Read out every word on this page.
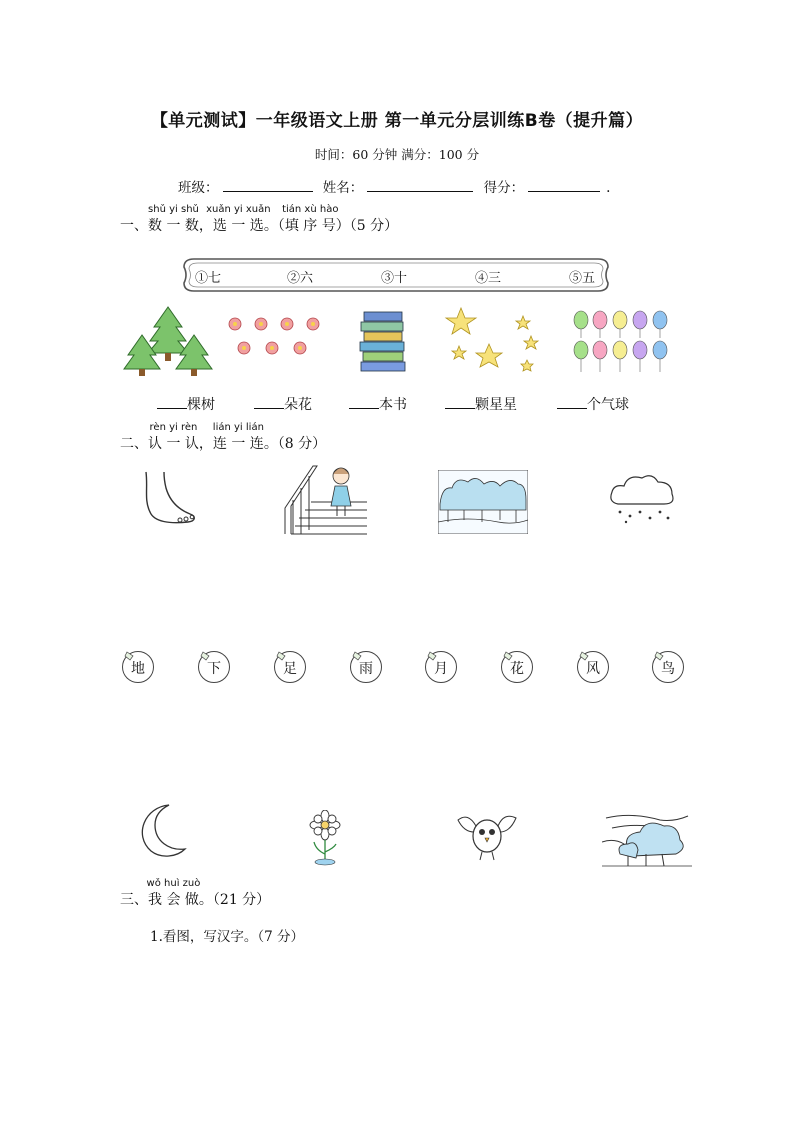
【单元测试】一年级语文上册 第一单元分层训练B卷（提升篇）
时间：60 分钟 满分：100 分
班级：	姓名：	得分：	.
一、
shǔ yi shǔ
数 一 数，
xuǎn yi xuǎn
选 一 选。（
tián xù hào
填 序 号）（5 分）
①七	②六	③十	④三	⑤五
棵树	朵花	本书	颗星星	个气球
二、
rèn yi rèn
认 一 认，
lián yi lián
连 一 连。（8 分）
地	下	足	雨	月	花	风	鸟
三、
wǒ huì zuò
我 会 做。（21 分）
1.看图，写汉字。（7 分）
